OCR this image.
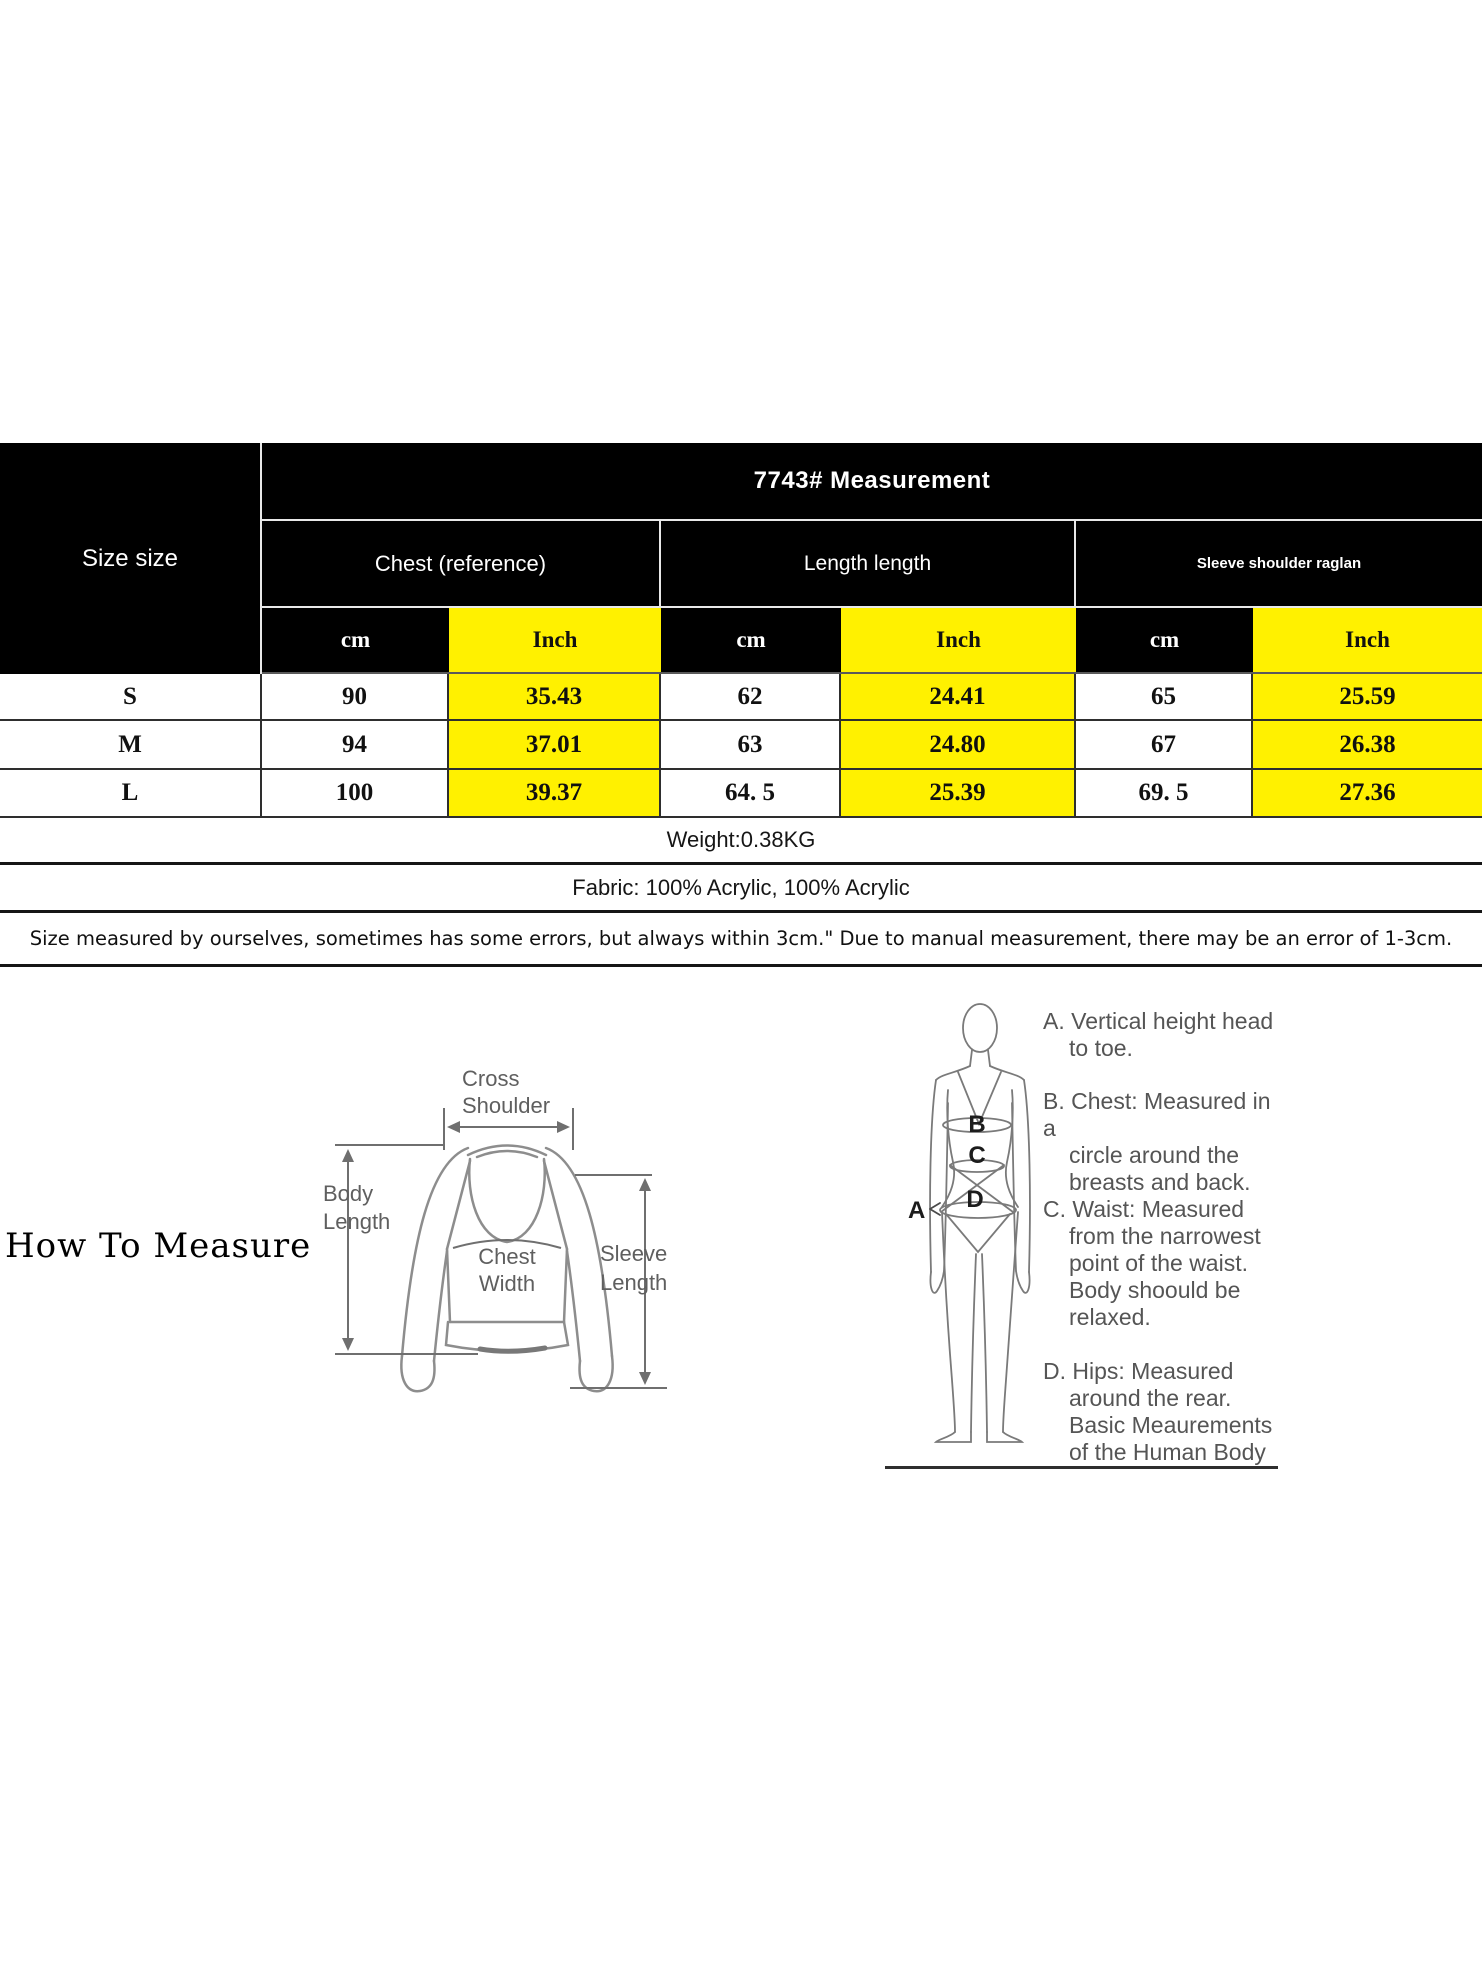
Size size
7743# Measurement
Chest (reference)	Length length	Sleeve shoulder raglan
cm	Inch	cm	Inch	cm	Inch
S	90	35.43	62	24.41	65	25.59
M	94	37.01	63	24.80	67	26.38
L	100	39.37	64. 5	25.39	69. 5	27.36
Weight:0.38KG
Fabric: 100% Acrylic, 100% Acrylic
Size measured by ourselves, sometimes has some errors, but always within 3cm." Due to manual measurement, there may be an error of 1-3cm.
How To Measure
Cross
Shoulder
Body
Length
Chest
Width
Sleeve
Length
A
B
C
D
A. Vertical height head
to toe.
B. Chest: Measured in a
circle around the
breasts and back.
C. Waist: Measured
from the narrowest
point of the waist.
Body shoould be
relaxed.
D. Hips: Measured
around the rear.
Basic Meaurements
of the Human Body
